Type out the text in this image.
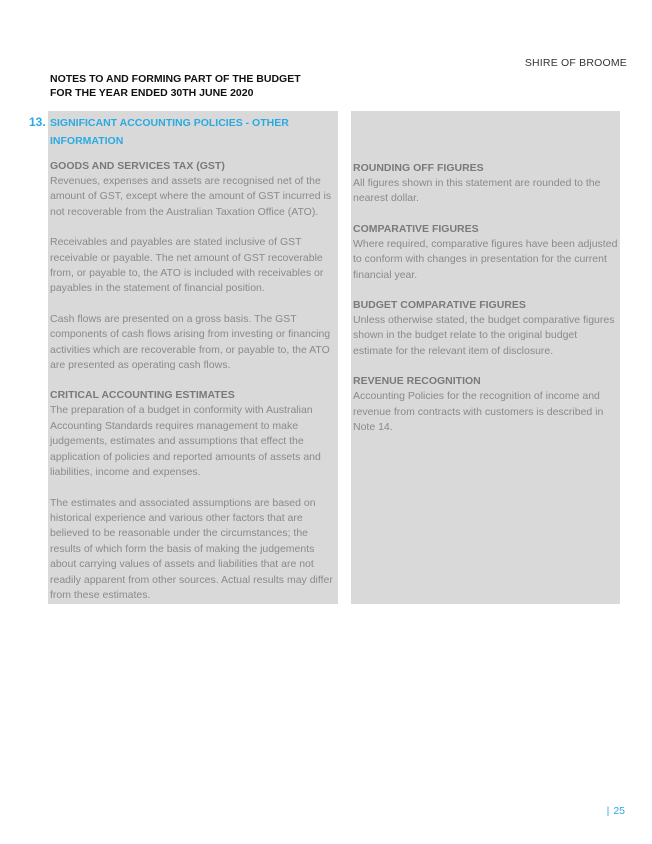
SHIRE OF BROOME
NOTES TO AND FORMING PART OF THE BUDGET
FOR THE YEAR ENDED 30TH JUNE 2020
13. SIGNIFICANT ACCOUNTING POLICIES - OTHER

INFORMATION

GOODS AND SERVICES TAX (GST)

Revenues, expenses and assets are recognised net of the amount of GST, except where the amount of GST incurred is not recoverable from the Australian Taxation Office (ATO).

Receivables and payables are stated inclusive of GST receivable or payable. The net amount of GST recoverable from, or payable to, the ATO is included with receivables or payables in the statement of financial position.

Cash flows are presented on a gross basis. The GST components of cash flows arising from investing or financing activities which are recoverable from, or payable to, the ATO are presented as operating cash flows.

CRITICAL ACCOUNTING ESTIMATES

The preparation of a budget in conformity with Australian Accounting Standards requires management to make judgements, estimates and assumptions that effect the application of policies and reported amounts of assets and liabilities, income and expenses.

The estimates and associated assumptions are based on historical experience and various other factors that are believed to be reasonable under the circumstances; the results of which form the basis of making the judgements about carrying values of assets and liabilities that are not readily apparent from other sources. Actual results may differ from these estimates.

ROUNDING OFF FIGURES

All figures shown in this statement are rounded to the nearest dollar.

COMPARATIVE FIGURES

Where required, comparative figures have been adjusted to conform with changes in presentation for the current financial year.

BUDGET COMPARATIVE FIGURES

Unless otherwise stated, the budget comparative figures shown in the budget relate to the original budget estimate for the relevant item of disclosure.

REVENUE RECOGNITION

Accounting Policies for the recognition of income and revenue from contracts with customers is described in Note 14.

| 25
